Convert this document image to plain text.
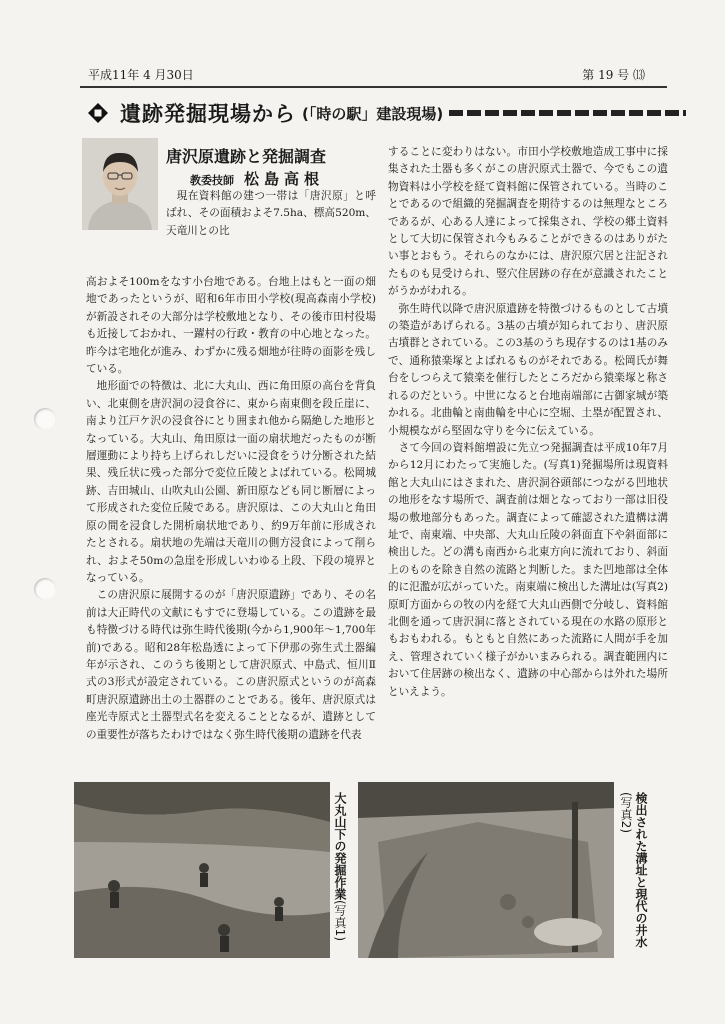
平成11年 4 月30日	第 19 号 ⒀
遺跡発掘現場から (「時の駅」建設現場)
唐沢原遺跡と発掘調査
教委技師 松島高根

現在資料館の建つ一帯は「唐沢原」と呼ばれ、その面積およそ7.5ha、標高520m、天竜川との比

高およそ100mをなす小台地である。台地上はもと一面の畑地であったというが、昭和6年市田小学校(現高森南小学校)が新設されその大部分は学校敷地となり、その後市田村役場も近接しておかれ、一躍村の行政・教育の中心地となった。昨今は宅地化が進み、わずかに残る畑地が往時の面影を残している。

地形面での特徴は、北に大丸山、西に角田原の高台を背負い、北東側を唐沢洞の浸食谷に、東から南東側を段丘崖に、南より江戸ケ沢の浸食谷にとり囲まれ他から隔絶した地形となっている。大丸山、角田原は一面の扇状地だったものが断層運動により持ち上げられしだいに浸食をうけ分断された結果、残丘状に残った部分で変位丘陵とよばれている。松岡城跡、吉田城山、山吹丸山公園、新田原なども同じ断層によって形成された変位丘陵である。唐沢原は、この大丸山と角田原の間を浸食した開析扇状地であり、約9万年前に形成されたとされる。扇状地の先端は天竜川の側方浸食によって削られ、およそ50mの急崖を形成しいわゆる上段、下段の境界となっている。

この唐沢原に展開するのが「唐沢原遺跡」であり、その名前は大正時代の文献にもすでに登場している。この遺跡を最も特徴づける時代は弥生時代後期(今から1,900年〜1,700年前)である。昭和28年松島透によって下伊那の弥生式土器編年が示され、このうち後期として唐沢原式、中島式、恒川Ⅱ式の3形式が設定されている。この唐沢原式というのが高森町唐沢原遺跡出土の土器群のことである。後年、唐沢原式は座光寺原式と土器型式名を変えることとなるが、遺跡としての重要性が落ちたわけではなく弥生時代後期の遺跡を代表

することに変わりはない。市田小学校敷地造成工事中に採集された土器も多くがこの唐沢原式土器で、今でもこの遺物資料は小学校を経て資料館に保管されている。当時のことであるので組織的発掘調査を期待するのは無理なところであるが、心ある人達によって採集され、学校の郷土資料として大切に保管され今もみることができるのはありがたい事とおもう。それらのなかには、唐沢原穴居と注記されたものも見受けられ、竪穴住居跡の存在が意識されたことがうかがわれる。

弥生時代以降で唐沢原遺跡を特徴づけるものとして古墳の築造があげられる。3基の古墳が知られており、唐沢原古墳群とされている。この3基のうち現存するのは1基のみで、通称猿楽塚とよばれるものがそれである。松岡氏が舞台をしつらえて猿楽を催行したところだから猿楽塚と称されるのだという。中世になると台地南端部に古御家城が築かれる。北曲輪と南曲輪を中心に空堀、土塁が配置され、小規模ながら堅固な守りを今に伝えている。

さて今回の資料館増設に先立つ発掘調査は平成10年7月から12月にわたって実施した。(写真1)発掘場所は現資料館と大丸山にはさまれた、唐沢洞谷頭部につながる凹地状の地形をなす場所で、調査前は畑となっており一部は旧役場の敷地部分もあった。調査によって確認された遺構は溝址で、南東端、中央部、大丸山丘陵の斜面直下や斜面部に検出した。どの溝も南西から北東方向に流れており、斜面上のものを除き自然の流路と判断した。また凹地部は全体的に氾濫が広がっていた。南東端に検出した溝址は(写真2)原町方面からの牧の内を経て大丸山西側で分岐し、資料館北側を通って唐沢洞に落とされている現在の水路の原形ともおもわれる。もともと自然にあった流路に人間が手を加え、管理されていく様子がかいまみられる。調査範囲内において住居跡の検出なく、遺跡の中心部からは外れた場所といえよう。

大丸山下の発掘作業(写真1)	検出された溝址と現代の井水(写真2)
